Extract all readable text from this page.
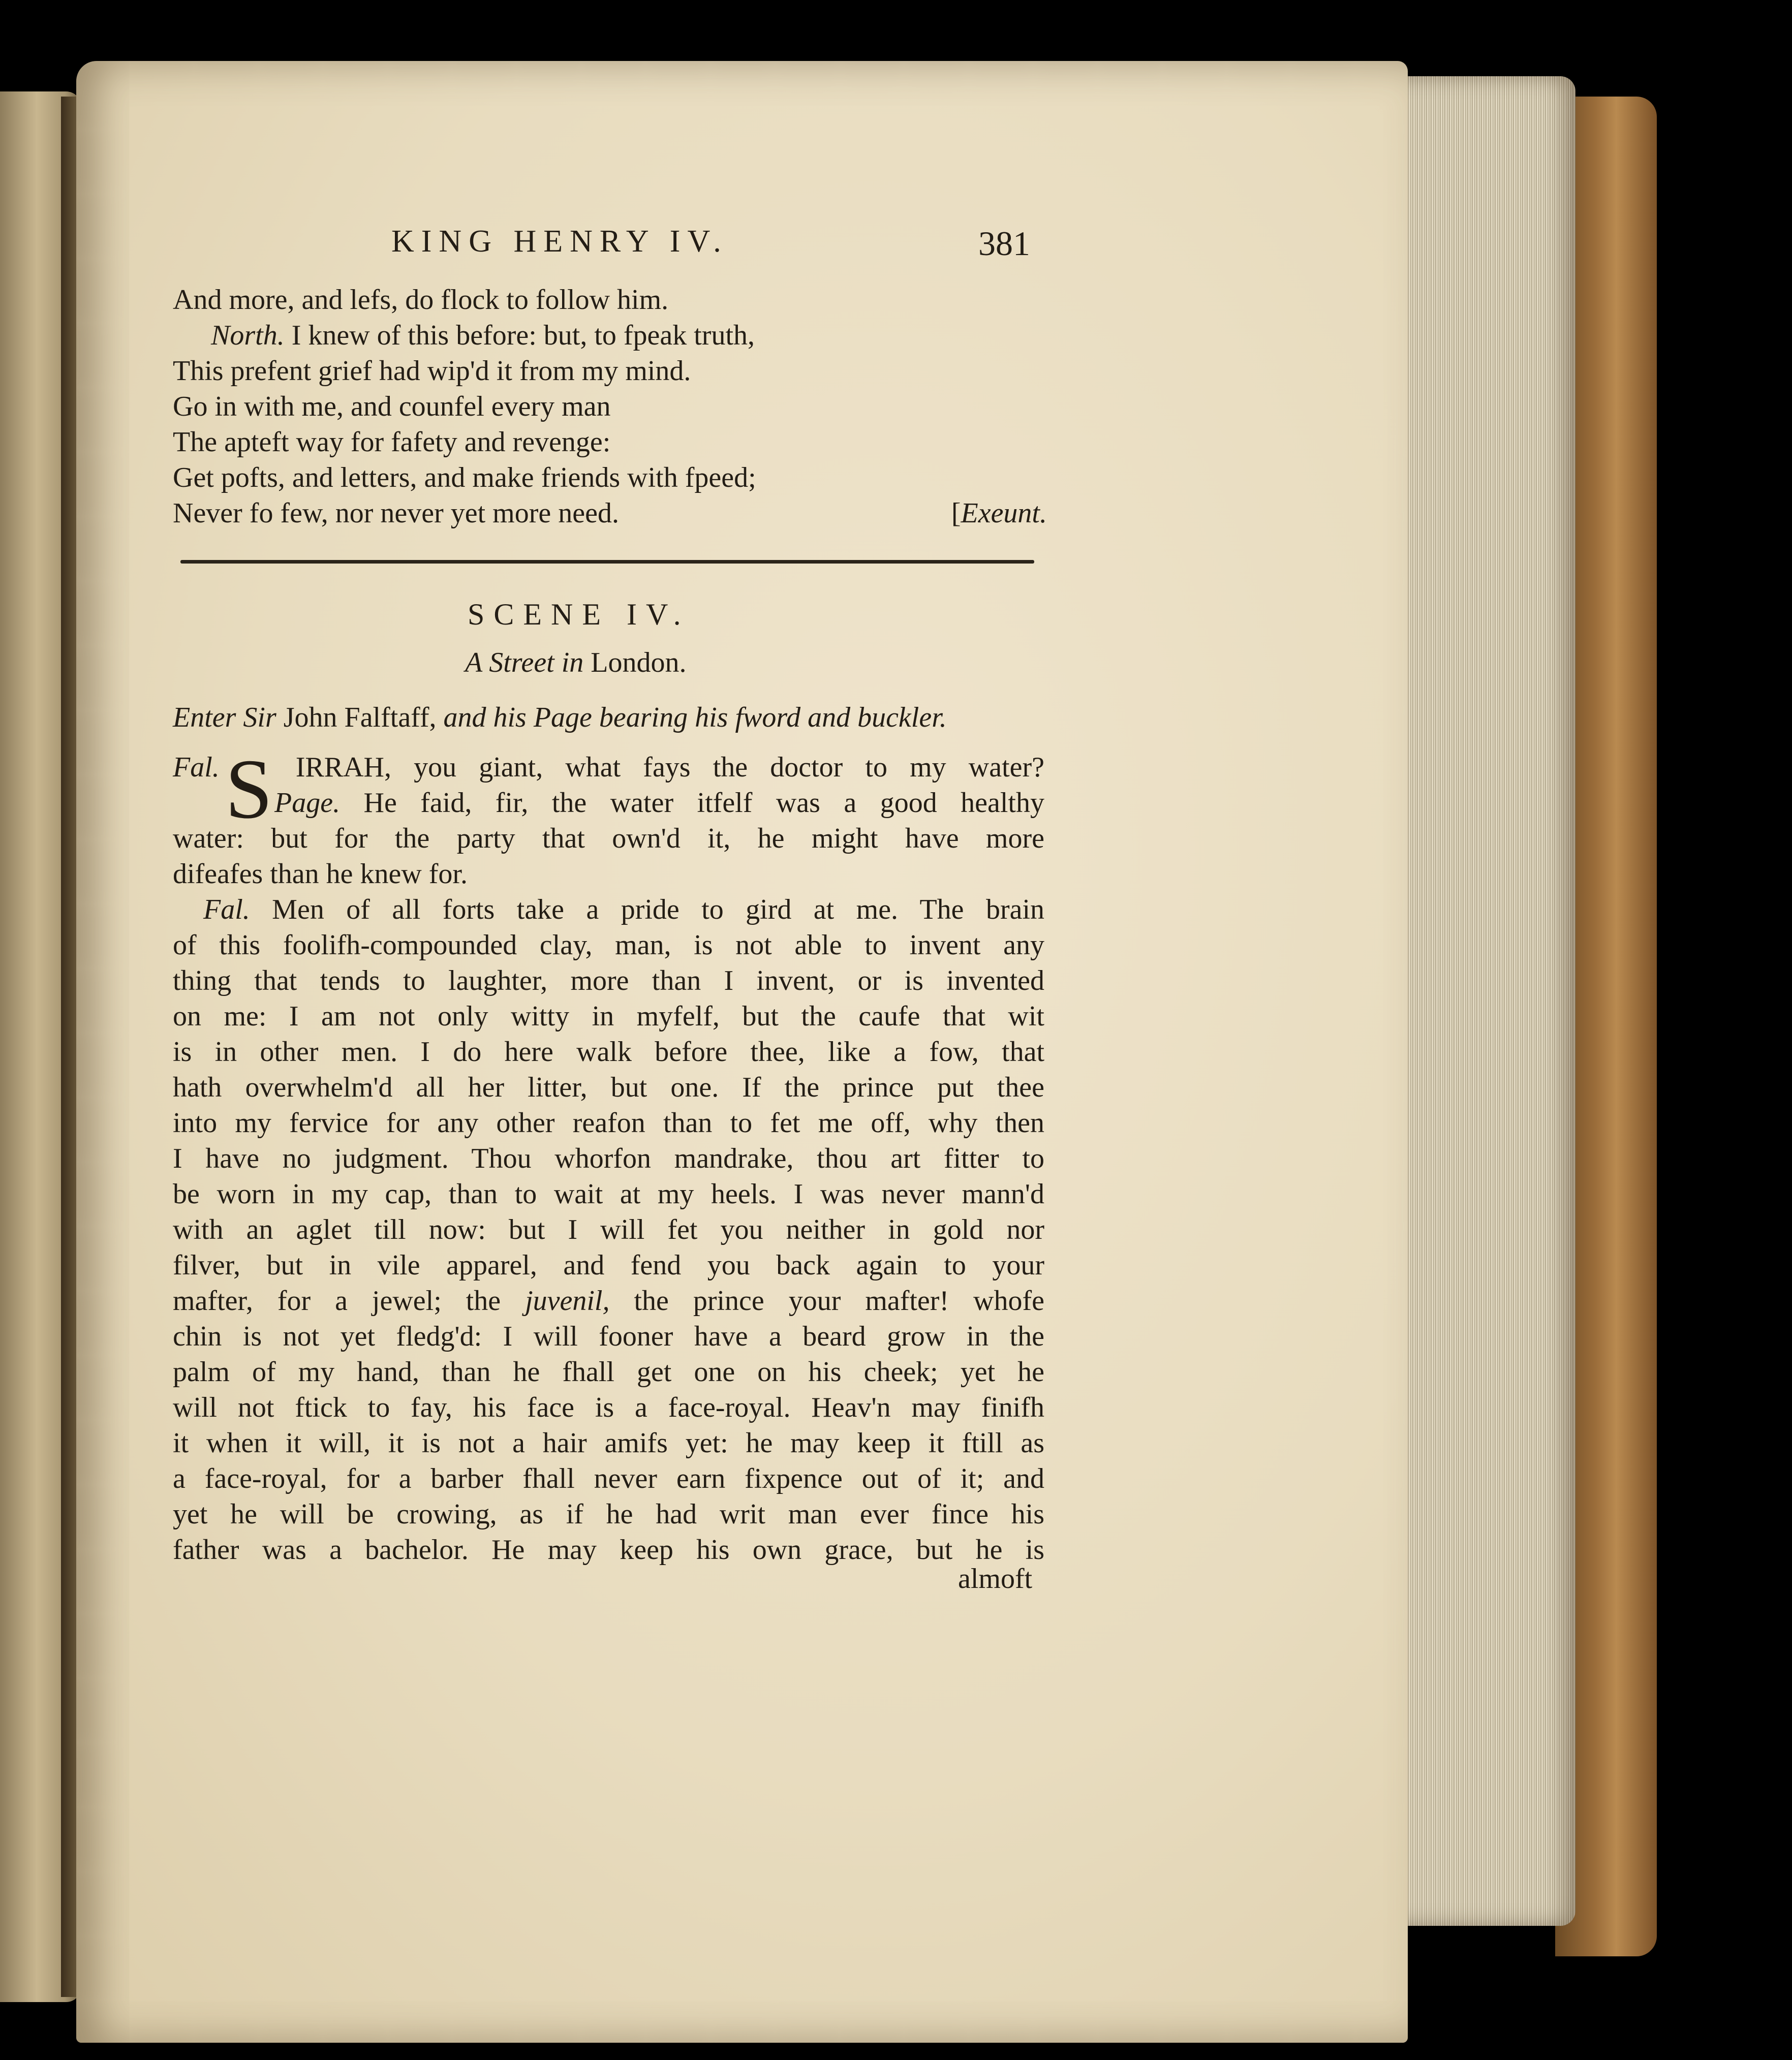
KING HENRY IV.	381
And more, and lefs, do flock to follow him.
North. I knew of this before: but, to fpeak truth,
This prefent grief had wip'd it from my mind.
Go in with me, and counfel every man
The apteft way for fafety and revenge:
Get pofts, and letters, and make friends with fpeed;
Never fo few, nor never yet more need.	[Exeunt.
SCENE IV.
A Street in London.
Enter Sir John Falftaff, and his Page bearing his fword and buckler.
S
Fal.	IRRAH, you giant, what fays the doctor to my water?
Page. He faid, fir, the water itfelf was a good healthy
water: but for the party that own'd it, he might have more
difeafes than he knew for.
Fal. Men of all forts take a pride to gird at me. The brain
of this foolifh-compounded clay, man, is not able to invent any
thing that tends to laughter, more than I invent, or is invented
on me: I am not only witty in myfelf, but the caufe that wit
is in other men. I do here walk before thee, like a fow, that
hath overwhelm'd all her litter, but one. If the prince put thee
into my fervice for any other reafon than to fet me off, why then
I have no judgment. Thou whorfon mandrake, thou art fitter to
be worn in my cap, than to wait at my heels. I was never mann'd
with an aglet till now: but I will fet you neither in gold nor
filver, but in vile apparel, and fend you back again to your
mafter, for a jewel; the juvenil, the prince your mafter! whofe
chin is not yet fledg'd: I will fooner have a beard grow in the
palm of my hand, than he fhall get one on his cheek; yet he
will not ftick to fay, his face is a face-royal. Heav'n may finifh
it when it will, it is not a hair amifs yet: he may keep it ftill as
a face-royal, for a barber fhall never earn fixpence out of it; and
yet he will be crowing, as if he had writ man ever fince his
father was a bachelor. He may keep his own grace, but he is
almoft
